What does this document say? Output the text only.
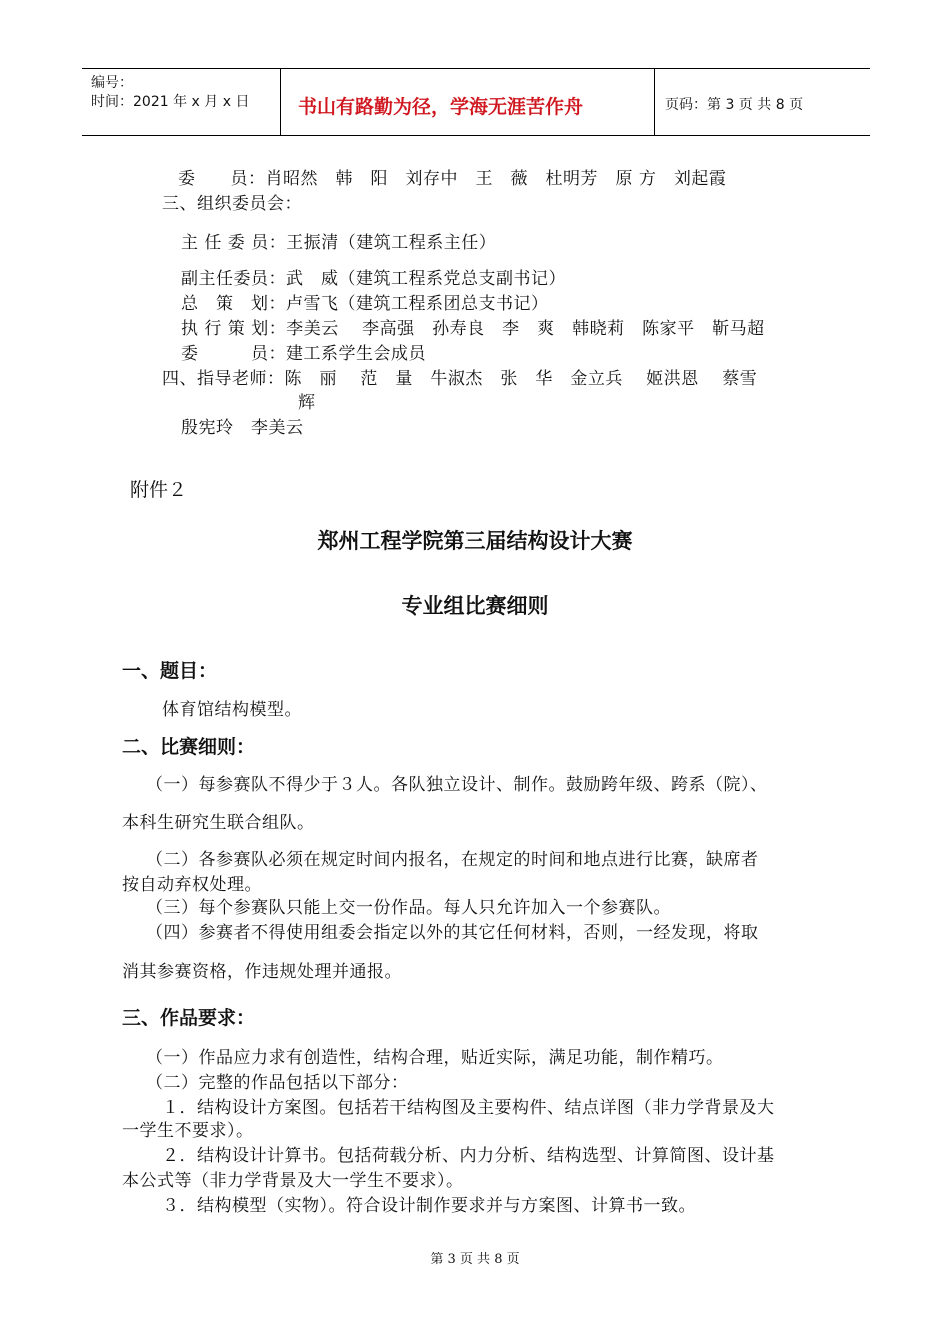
编号：
时间：2021 年 x 月 x 日	书山有路勤为径，学海无涯苦作舟	页码：第 3 页 共 8 页
委　　员：肖昭然　韩　阳　刘存中　王　薇　杜明芳　原 方　刘起霞
三、组织委员会：
主 任 委 员：王振清（建筑工程系主任）
副主任委员：武　威（建筑工程系党总支副书记）
总　策　划：卢雪飞（建筑工程系团总支书记）
执 行 策 划：李美云　 李高强　孙寿良　李　爽　韩晓莉　陈家平　靳马超
委　　　员：建工系学生会成员
四、指导老师：陈　丽　 范　量　牛淑杰　张　华　金立兵　 姬洪恩　 蔡雪
辉
殷宪玲　李美云
附件２
郑州工程学院第三届结构设计大赛
专业组比赛细则
一、题目：
体育馆结构模型。
二、比赛细则：
（一）每参赛队不得少于３人。各队独立设计、制作。鼓励跨年级、跨系（院）、
本科生研究生联合组队。
（二）各参赛队必须在规定时间内报名，在规定的时间和地点进行比赛，缺席者
按自动弃权处理。
（三）每个参赛队只能上交一份作品。每人只允许加入一个参赛队。
（四）参赛者不得使用组委会指定以外的其它任何材料，否则，一经发现，将取
消其参赛资格，作违规处理并通报。
三、作品要求：
（一）作品应力求有创造性，结构合理，贴近实际，满足功能，制作精巧。
（二）完整的作品包括以下部分：
１．结构设计方案图。包括若干结构图及主要构件、结点详图（非力学背景及大
一学生不要求）。
２．结构设计计算书。包括荷载分析、内力分析、结构选型、计算简图、设计基
本公式等（非力学背景及大一学生不要求）。
３．结构模型（实物）。符合设计制作要求并与方案图、计算书一致。
第 3 页 共 8 页
